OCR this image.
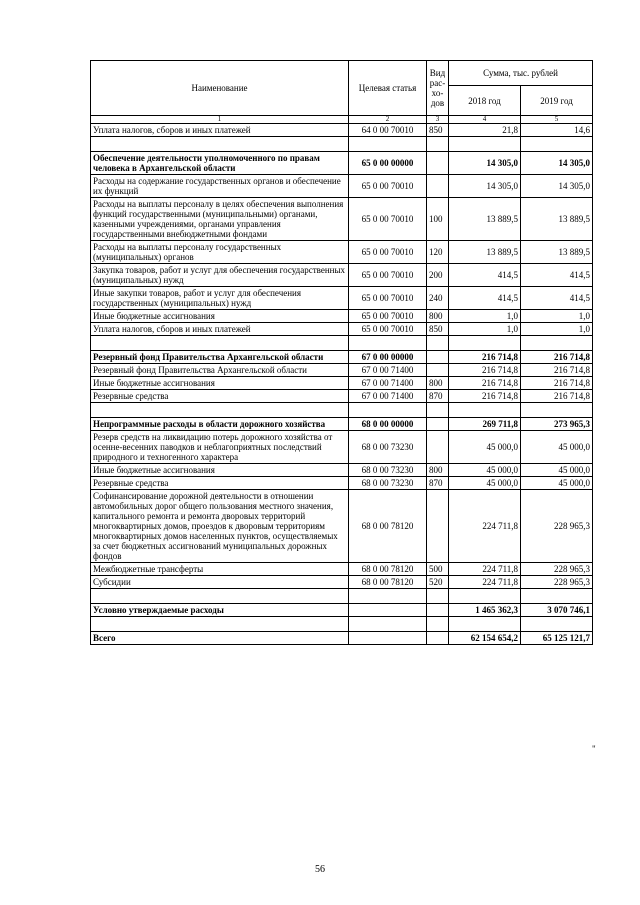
Наименование	Целевая статья	Вид рас-хо-дов	Сумма, тыс. рублей	
			2018 год	2019 год
1	2	3	4	5
Уплата налогов, сборов и иных платежей	64 0 00 70010	850	21,8	14,6

Обеспечение деятельности уполномоченного по правам человека в Архангельской области	65 0 00 00000		14 305,0	14 305,0
Расходы на содержание государственных органов и обеспечение их функций	65 0 00 70010		14 305,0	14 305,0
Расходы на выплаты персоналу в целях обеспечения выполнения функций государственными (муниципальными) органами, казенными учреждениями, органами управления государственными внебюджетными фондами	65 0 00 70010	100	13 889,5	13 889,5
Расходы на выплаты персоналу государственных (муниципальных) органов	65 0 00 70010	120	13 889,5	13 889,5
Закупка товаров, работ и услуг для обеспечения государственных (муниципальных) нужд	65 0 00 70010	200	414,5	414,5
Иные закупки товаров, работ и услуг для обеспечения государственных (муниципальных) нужд	65 0 00 70010	240	414,5	414,5
Иные бюджетные ассигнования	65 0 00 70010	800	1,0	1,0
Уплата налогов, сборов и иных платежей	65 0 00 70010	850	1,0	1,0

Резервный фонд Правительства Архангельской области	67 0 00 00000		216 714,8	216 714,8
Резервный фонд Правительства Архангельской области	67 0 00 71400		216 714,8	216 714,8
Иные бюджетные ассигнования	67 0 00 71400	800	216 714,8	216 714,8
Резервные средства	67 0 00 71400	870	216 714,8	216 714,8

Непрограммные расходы в области дорожного хозяйства	68 0 00 00000		269 711,8	273 965,3
Резерв средств на ликвидацию потерь дорожного хозяйства от осенне-весенних паводков и неблагоприятных последствий природного и техногенного характера	68 0 00 73230		45 000,0	45 000,0
Иные бюджетные ассигнования	68 0 00 73230	800	45 000,0	45 000,0
Резервные средства	68 0 00 73230	870	45 000,0	45 000,0
Софинансирование дорожной деятельности в отношении автомобильных дорог общего пользования местного значения, капитального ремонта и ремонта дворовых территорий многоквартирных домов, проездов к дворовым территориям многоквартирных домов населенных пунктов, осуществляемых за счет бюджетных ассигнований муниципальных дорожных фондов	68 0 00 78120		224 711,8	228 965,3
Межбюджетные трансферты	68 0 00 78120	500	224 711,8	228 965,3
Субсидии	68 0 00 78120	520	224 711,8	228 965,3

Условно утверждаемые расходы			1 465 362,3	3 070 746,1

Всего			62 154 654,2	65 125 121,7
"
56
